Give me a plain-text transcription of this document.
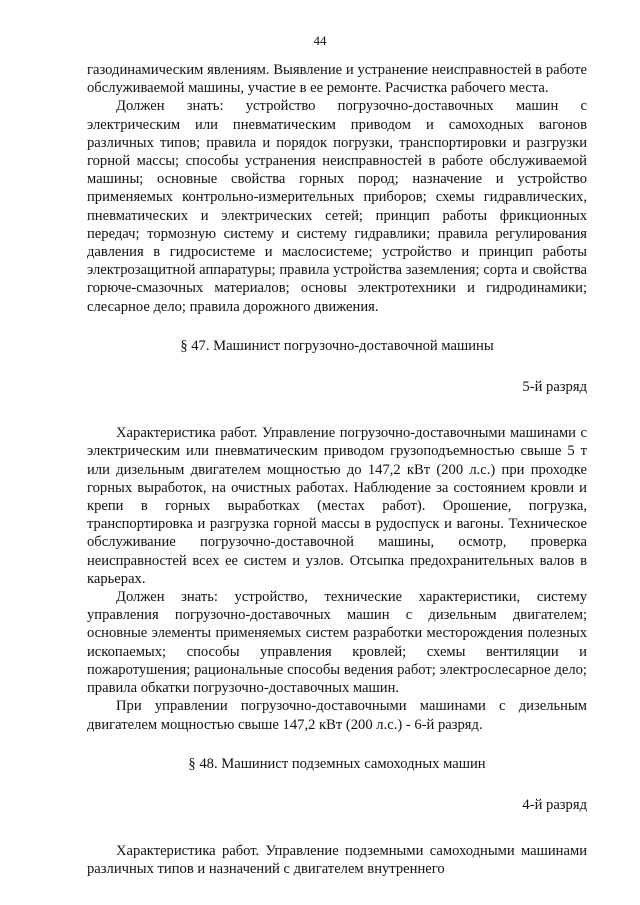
44

газодинамическим явлениям. Выявление и устранение неисправностей в работе обслуживаемой машины, участие в ее ремонте. Расчистка рабочего места.

Должен знать: устройство погрузочно-доставочных машин с электрическим или пневматическим приводом и самоходных вагонов различных типов; правила и порядок погрузки, транспортировки и разгрузки горной массы; способы устранения неисправностей в работе обслуживаемой машины; основные свойства горных пород; назначение и устройство применяемых контрольно-измерительных приборов; схемы гидравлических, пневматических и электрических сетей; принцип работы фрикционных передач; тормозную систему и систему гидравлики; правила регулирования давления в гидросистеме и маслосистеме; устройство и принцип работы электрозащитной аппаратуры; правила устройства заземления; сорта и свойства горюче-смазочных материалов; основы электротехники и гидродинамики; слесарное дело; правила дорожного движения.

§ 47. Машинист погрузочно-доставочной машины

5-й разряд

Характеристика работ. Управление погрузочно-доставочными машинами с электрическим или пневматическим приводом грузоподъемностью свыше 5 т или дизельным двигателем мощностью до 147,2 кВт (200 л.с.) при проходке горных выработок, на очистных работах. Наблюдение за состоянием кровли и крепи в горных выработках (местах работ). Орошение, погрузка, транспортировка и разгрузка горной массы в рудоспуск и вагоны. Техническое обслуживание погрузочно-доставочной машины, осмотр, проверка неисправностей всех ее систем и узлов. Отсыпка предохранительных валов в карьерах.

Должен знать: устройство, технические характеристики, систему управления погрузочно-доставочных машин с дизельным двигателем; основные элементы применяемых систем разработки месторождения полезных ископаемых; способы управления кровлей; схемы вентиляции и пожаротушения; рациональные способы ведения работ; электрослесарное дело; правила обкатки погрузочно-доставочных машин.

При управлении погрузочно-доставочными машинами с дизельным двигателем мощностью свыше 147,2 кВт (200 л.с.) - 6-й разряд.

§ 48. Машинист подземных самоходных машин

4-й разряд

Характеристика работ. Управление подземными самоходными машинами различных типов и назначений с двигателем внутреннего
